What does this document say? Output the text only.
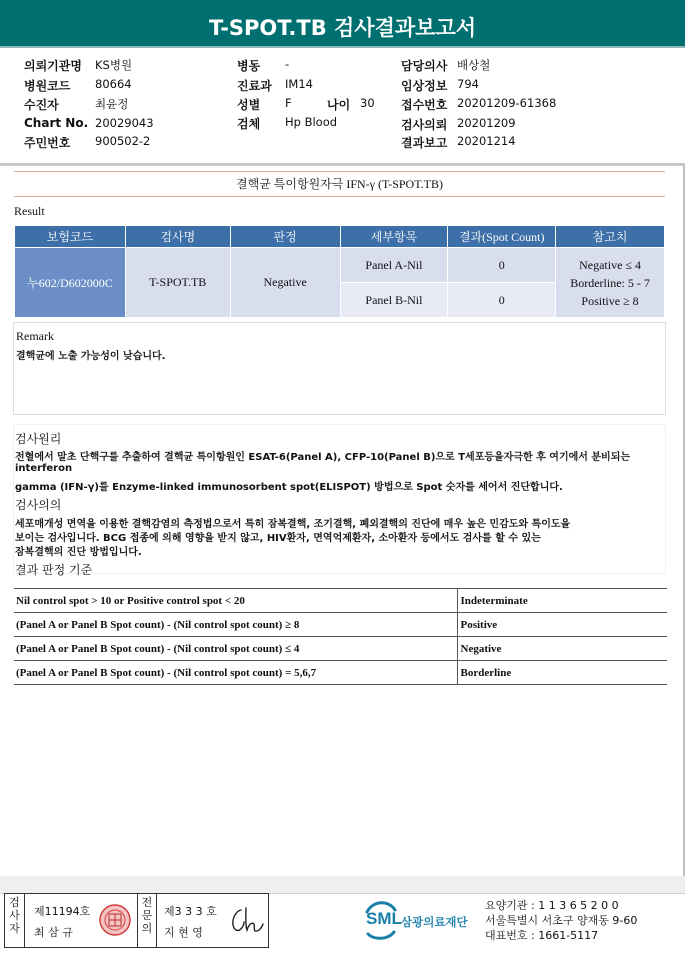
T-SPOT.TB 검사결과보고서
의뢰기관명 KS병원
병원코드 80664
수진자	최윤정
Chart No. 20029043
주민번호 900502-2
병동 -
진료과 IM14
성별 F	나이 30
검체 Hp Blood
담당의사 배상철
임상정보 794
접수번호 20201209-61368
검사의뢰 20201209
결과보고 20201214
결핵균 특이항원자극 IFN-γ (T-SPOT.TB)
Result
보험코드	검사명	판정	세부항목	결과(Spot Count)	참고치
누602/D602000C	T-SPOT.TB	Negative	Panel A-Nil	0	Negative ≤ 4
Borderline: 5 - 7
Positive ≥ 8

			Panel B-Nil	0	
Remark
결핵균에 노출 가능성이 낮습니다.
검사원리
전혈에서 말초 단핵구를 추출하여 결핵균 특이항원인 ESAT-6(Panel A), CFP-10(Panel B)으로 T세포등을자극한 후 여기에서 분비되는
interferon
gamma (IFN-γ)를 Enzyme-linked immunosorbent spot(ELISPOT) 방법으로 Spot 숫자를 세어서 진단합니다.
검사의의
세포매개성 면역을 이용한 결핵감염의 측정법으로서 특히 잠복결핵, 조기결핵, 폐외결핵의 진단에 매우 높은 민감도와 특이도을
보이는 검사입니다. BCG 접종에 의해 영향을 받지 않고, HIV환자, 면역억제환자, 소아환자 등에서도 검사를 할 수 있는
잠복결핵의 진단 방법입니다.
결과 판정 기준
Nil control spot > 10 or Positive control spot < 20	Indeterminate
(Panel A or Panel B Spot count) - (Nil control spot count) ≥ 8	Positive
(Panel A or Panel B Spot count) - (Nil control spot count) ≤ 4	Negative
(Panel A or Panel B Spot count) - (Nil control spot count) = 5,6,7	Borderline
검
사
자
제11194호
최 삼 규
전
문
의
제3 3 3 호
지 현 영
SML 삼광의료재단
요양기관 : 1 1 3 6 5 2 0 0
서울특별시 서초구 양재동 9-60
대표번호 : 1661-5117
